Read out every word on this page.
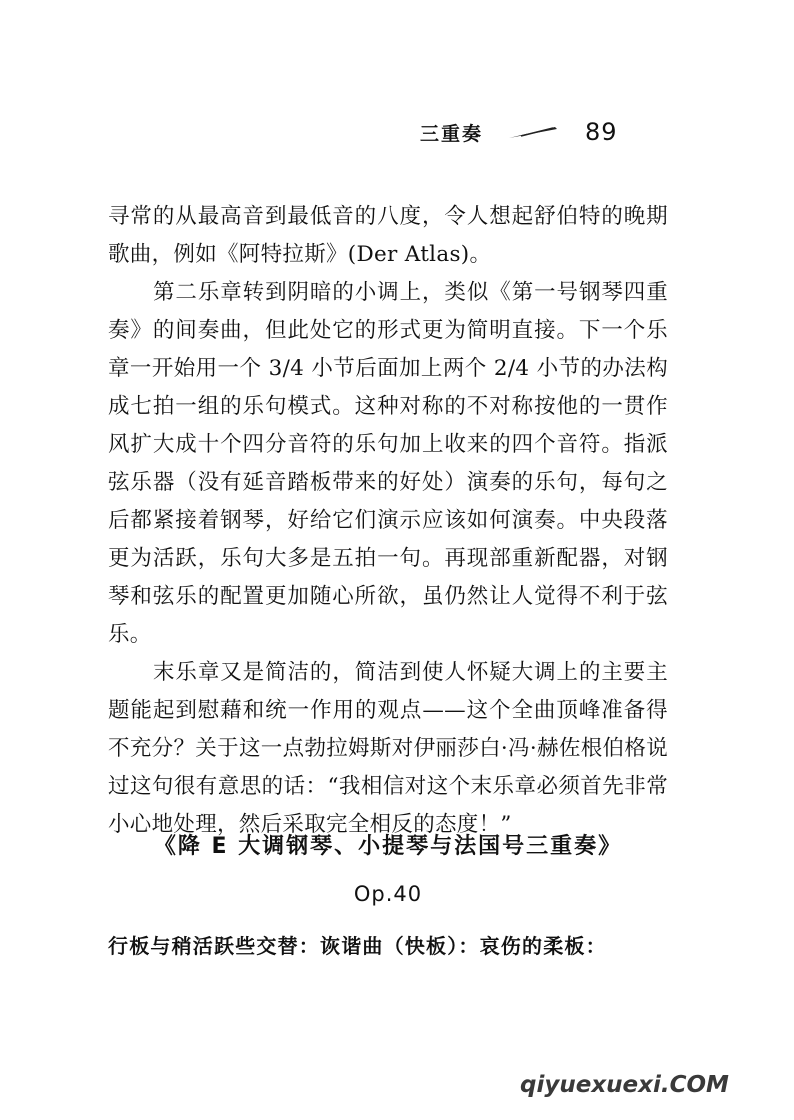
三重奏	89

寻常的从最高音到最低音的八度，令人想起舒伯特的晚期歌曲，例如《阿特拉斯》(Der Atlas)。

第二乐章转到阴暗的小调上，类似《第一号钢琴四重奏》的间奏曲，但此处它的形式更为简明直接。下一个乐章一开始用一个 3/4 小节后面加上两个 2/4 小节的办法构成七拍一组的乐句模式。这种对称的不对称按他的一贯作风扩大成十个四分音符的乐句加上收来的四个音符。指派弦乐器（没有延音踏板带来的好处）演奏的乐句，每句之后都紧接着钢琴，好给它们演示应该如何演奏。中央段落更为活跃，乐句大多是五拍一句。再现部重新配器，对钢琴和弦乐的配置更加随心所欲，虽仍然让人觉得不利于弦乐。

末乐章又是简洁的，简洁到使人怀疑大调上的主要主题能起到慰藉和统一作用的观点——这个全曲顶峰准备得不充分？关于这一点勃拉姆斯对伊丽莎白·冯·赫佐根伯格说过这句很有意思的话：“我相信对这个末乐章必须首先非常小心地处理，然后采取完全相反的态度！”

《降 E 大调钢琴、小提琴与法国号三重奏》
Op.40
行板与稍活跃些交替：诙谐曲（快板）：哀伤的柔板：
qiyuexuexi.COM
